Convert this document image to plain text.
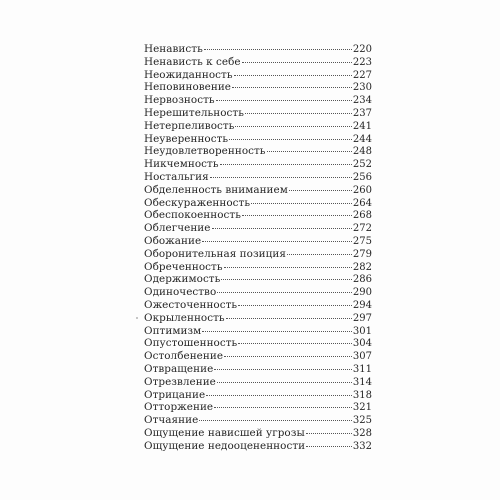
Ненависть	220
Ненависть к себе	223
Неожиданность	227
Неповиновение	230
Нервозность	234
Нерешительность	237
Нетерпеливость	241
Неуверенность	244
Неудовлетворенность	248
Никчемность	252
Ностальгия	256
Обделенность вниманием	260
Обескураженность	264
Обеспокоенность	268
Облегчение	272
Обожание	275
Оборонительная позиция	279
Обреченность	282
Одержимость	286
Одиночество	290
Ожесточенность	294
Окрыленность	297
Оптимизм	301
Опустошенность	304
Остолбенение	307
Отвращение	311
Отрезвление	314
Отрицание	318
Отторжение	321
Отчаяние	325
Ощущение нависшей угрозы	328
Ощущение недооцененности	332
